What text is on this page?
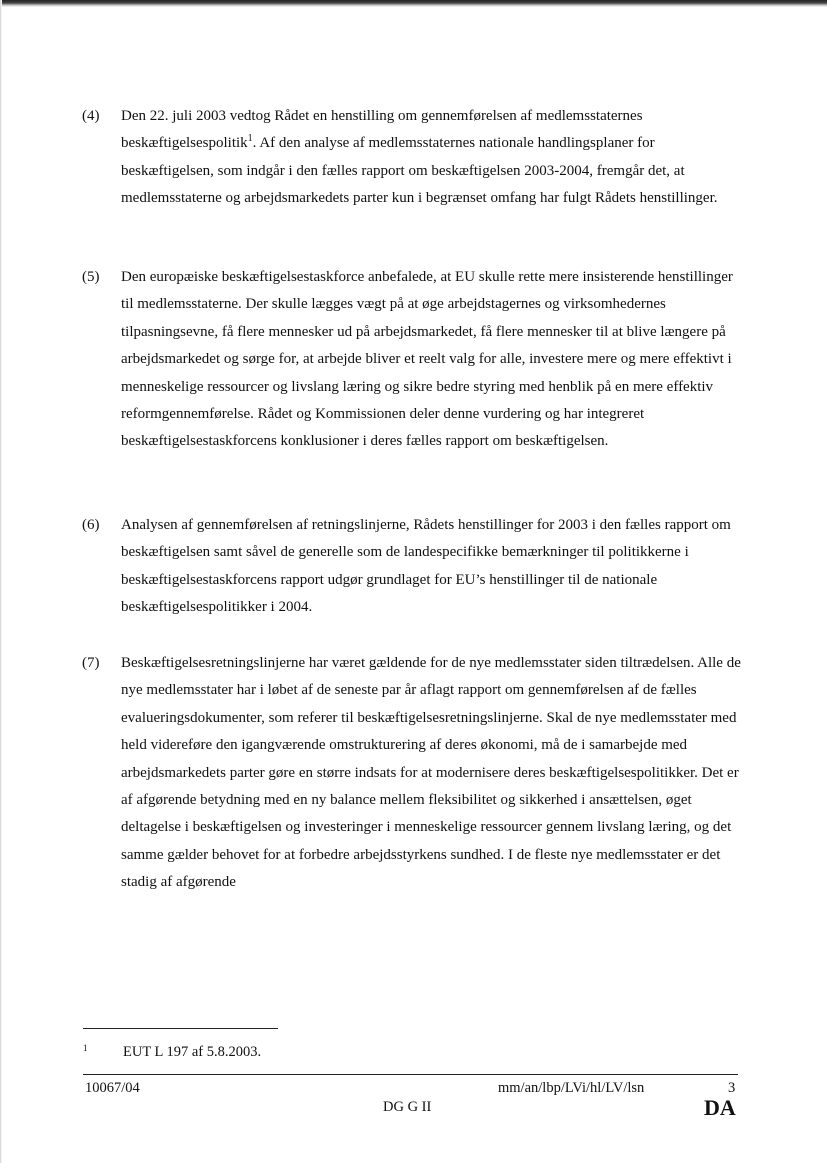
(4)	Den 22. juli 2003 vedtog Rådet en henstilling om gennemførelsen af medlemsstaternes beskæftigelsespolitik$^1$. Af den analyse af medlemsstaternes nationale handlingsplaner for beskæftigelsen, som indgår i den fælles rapport om beskæftigelsen 2003-2004, fremgår det, at medlemsstaterne og arbejdsmarkedets parter kun i begrænset omfang har fulgt Rådets henstillinger.
(5)	Den europæiske beskæftigelsestaskforce anbefalede, at EU skulle rette mere insisterende henstillinger til medlemsstaterne. Der skulle lægges vægt på at øge arbejdstagernes og virksomhedernes tilpasningsevne, få flere mennesker ud på arbejdsmarkedet, få flere mennesker til at blive længere på arbejdsmarkedet og sørge for, at arbejde bliver et reelt valg for alle, investere mere og mere effektivt i menneskelige ressourcer og livslang læring og sikre bedre styring med henblik på en mere effektiv reformgennemførelse. Rådet og Kommissionen deler denne vurdering og har integreret beskæftigelsestaskforcens konklusioner i deres fælles rapport om beskæftigelsen.
(6)	Analysen af gennemførelsen af retningslinjerne, Rådets henstillinger for 2003 i den fælles rapport om beskæftigelsen samt såvel de generelle som de landespecifikke bemærkninger til politikkerne i beskæftigelsestaskforcens rapport udgør grundlaget for EU’s henstillinger til de nationale beskæftigelsespolitikker i 2004.
(7)	Beskæftigelsesretningslinjerne har været gældende for de nye medlemsstater siden tiltrædelsen. Alle de nye medlemsstater har i løbet af de seneste par år aflagt rapport om gennemførelsen af de fælles evalueringsdokumenter, som referer til beskæftigelsesretningslinjerne. Skal de nye medlemsstater med held videreføre den igangværende omstrukturering af deres økonomi, må de i samarbejde med arbejdsmarkedets parter gøre en større indsats for at modernisere deres beskæftigelsespolitikker. Det er af afgørende betydning med en ny balance mellem fleksibilitet og sikkerhed i ansættelsen, øget deltagelse i beskæftigelsen og investeringer i menneskelige ressourcer gennem livslang læring, og det samme gælder behovet for at forbedre arbejdsstyrkens sundhed. I de fleste nye medlemsstater er det stadig af afgørende
1 EUT L 197 af 5.8.2003.
10067/04	mm/an/lbp/LVi/hl/LV/lsn	3
DG G II	DA
